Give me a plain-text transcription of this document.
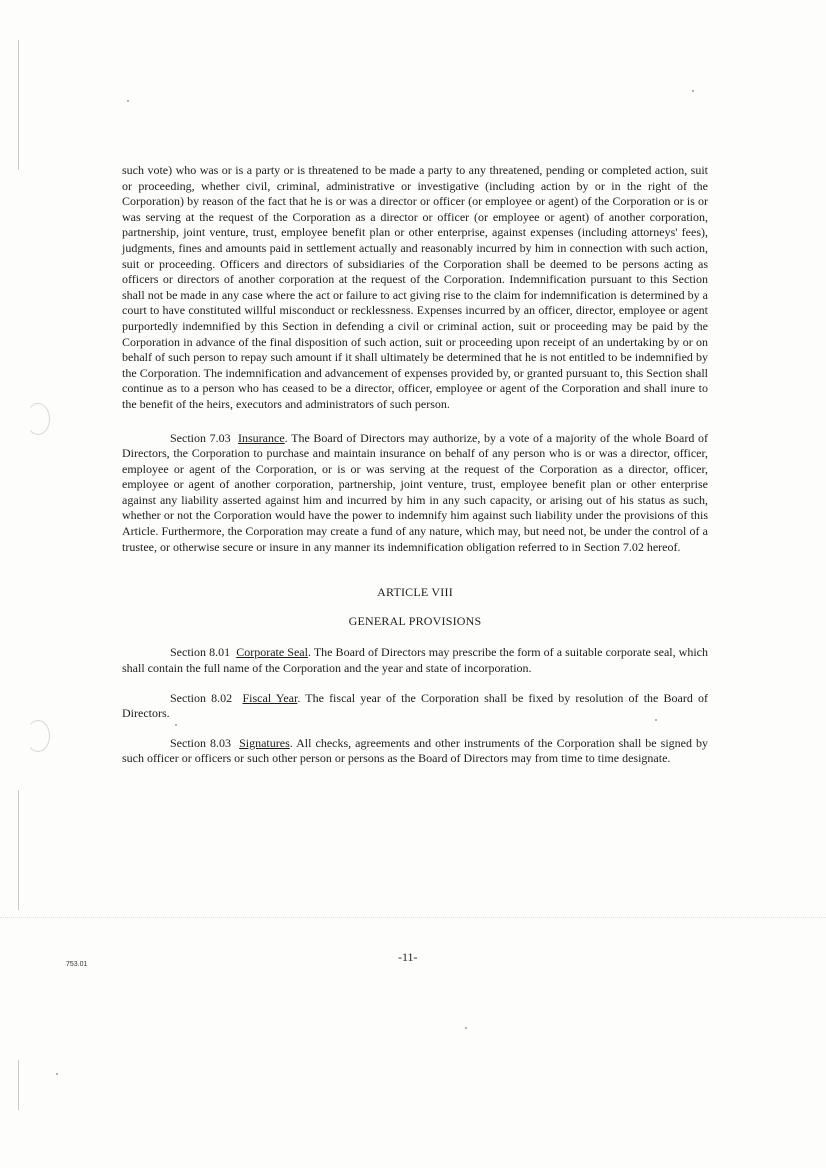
such vote) who was or is a party or is threatened to be made a party to any threatened, pending or completed action, suit or proceeding, whether civil, criminal, administrative or investigative (including action by or in the right of the Corporation) by reason of the fact that he is or was a director or officer (or employee or agent) of the Corporation or is or was serving at the request of the Corporation as a director or officer (or employee or agent) of another corporation, partnership, joint venture, trust, employee benefit plan or other enterprise, against expenses (including attorneys' fees), judgments, fines and amounts paid in settlement actually and reasonably incurred by him in connection with such action, suit or proceeding. Officers and directors of subsidiaries of the Corporation shall be deemed to be persons acting as officers or directors of another corporation at the request of the Corporation. Indemnification pursuant to this Section shall not be made in any case where the act or failure to act giving rise to the claim for indemnification is determined by a court to have constituted willful misconduct or recklessness. Expenses incurred by an officer, director, employee or agent purportedly indemnified by this Section in defending a civil or criminal action, suit or proceeding may be paid by the Corporation in advance of the final disposition of such action, suit or proceeding upon receipt of an undertaking by or on behalf of such person to repay such amount if it shall ultimately be determined that he is not entitled to be indemnified by the Corporation. The indemnification and advancement of expenses provided by, or granted pursuant to, this Section shall continue as to a person who has ceased to be a director, officer, employee or agent of the Corporation and shall inure to the benefit of the heirs, executors and administrators of such person.

Section 7.03 Insurance. The Board of Directors may authorize, by a vote of a majority of the whole Board of Directors, the Corporation to purchase and maintain insurance on behalf of any person who is or was a director, officer, employee or agent of the Corporation, or is or was serving at the request of the Corporation as a director, officer, employee or agent of another corporation, partnership, joint venture, trust, employee benefit plan or other enterprise against any liability asserted against him and incurred by him in any such capacity, or arising out of his status as such, whether or not the Corporation would have the power to indemnify him against such liability under the provisions of this Article. Furthermore, the Corporation may create a fund of any nature, which may, but need not, be under the control of a trustee, or otherwise secure or insure in any manner its indemnification obligation referred to in Section 7.02 hereof.

ARTICLE VIII

GENERAL PROVISIONS

Section 8.01 Corporate Seal. The Board of Directors may prescribe the form of a suitable corporate seal, which shall contain the full name of the Corporation and the year and state of incorporation.

Section 8.02 Fiscal Year. The fiscal year of the Corporation shall be fixed by resolution of the Board of Directors.

Section 8.03 Signatures. All checks, agreements and other instruments of the Corporation shall be signed by such officer or officers or such other person or persons as the Board of Directors may from time to time designate.

-11-
753.01
